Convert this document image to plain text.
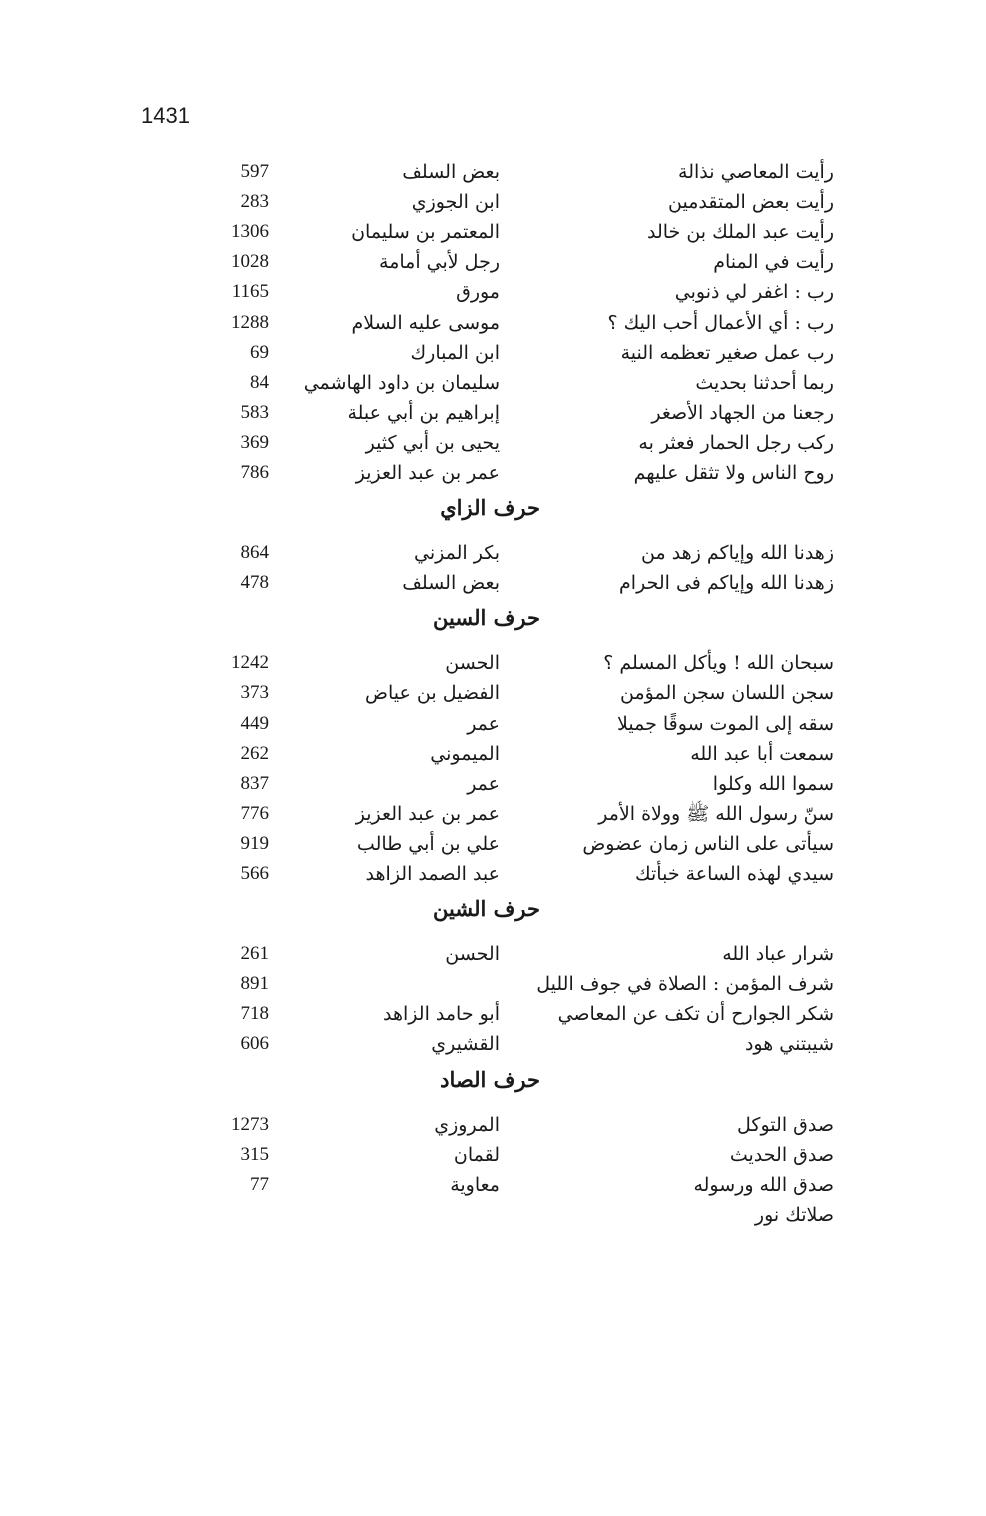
1431
رأيت المعاصي نذالة
بعض السلف
597
رأيت بعض المتقدمين
ابن الجوزي
283
رأيت عبد الملك بن خالد
المعتمر بن سليمان
1306
رأيت في المنام
رجل لأبي أمامة
1028
رب : اغفر لي ذنوبي
مورق
1165
رب : أي الأعمال أحب اليك ؟
موسى عليه السلام
1288
رب عمل صغير تعظمه النية
ابن المبارك
69
ربما أحدثنا بحديث
سليمان بن داود الهاشمي
84
رجعنا من الجهاد الأصغر
إبراهيم بن أبي عبلة
583
ركب رجل الحمار فعثر به
يحيى بن أبي كثير
369
روح الناس ولا تثقل عليهم
عمر بن عبد العزيز
786
حرف الزاي
زهدنا الله وإياكم زهد من
بكر المزني
864
زهدنا الله وإياكم فى الحرام
بعض السلف
478
حرف السين
سبحان الله ! ويأكل المسلم ؟
الحسن
1242
سجن اللسان سجن المؤمن
الفضيل بن عياض
373
سقه إلى الموت سوقًا جميلا
عمر
449
سمعت أبا عبد الله
الميموني
262
سموا الله وكلوا
عمر
837
سنّ رسول الله ﷺ وولاة الأمر
عمر بن عبد العزيز
776
سيأتى على الناس زمان عضوض
علي بن أبي طالب
919
سيدي لهذه الساعة خبأتك
عبد الصمد الزاهد
566
حرف الشين
شرار عباد الله
الحسن
261
شرف المؤمن : الصلاة في جوف الليل
891
شكر الجوارح أن تكف عن المعاصي
أبو حامد الزاهد
718
شيبتني هود
القشيري
606
حرف الصاد
صدق التوكل
المروزي
1273
صدق الحديث
لقمان
315
صدق الله ورسوله
معاوية
77
صلاتك نور
